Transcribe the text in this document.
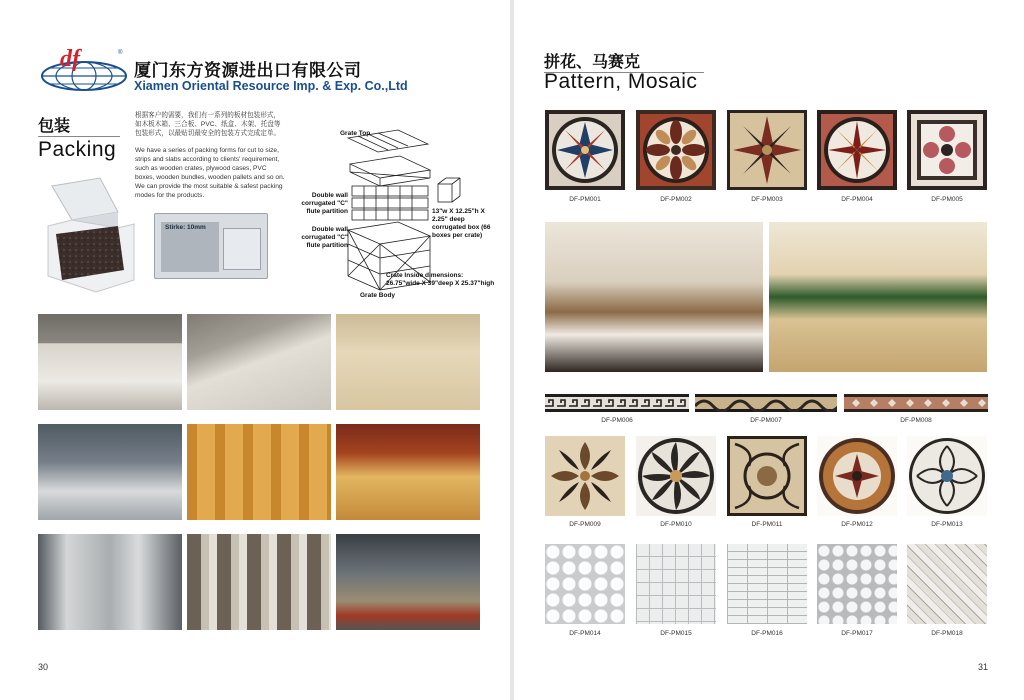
df	®
厦门东方资源进出口有限公司
Xiamen Oriental Resource Imp. & Exp. Co.,Ltd
包装
Packing
根据客户的需要，我们有一系列的板材包装形式，如木板木箱、三合板、PVC、纸盒、木架、托盘等包装形式，以最贴切最安全的包装方式完成定单。
We have a series of packing forms for cut to size, strips and slabs according to clients' requirement, such as wooden crates, plywood cases, PVC boxes, wooden bundles, wooden pallets and so on. We can provide the most suitable & safest packing modes for the products.
Stirke: 10mm
Grate Top
Double wall corrugated "C" flute partition
Double wall corrugated "C" flute partition
13"w X 12.25"h X 2.25" deep corrugated box (66 boxes per crate)
Crate Inside dimensions: 26.75"wide X 39"deep X 25.37"high
Grate Body
30
拼花、马赛克
Pattern, Mosaic
DF-PM001	DF-PM002	DF-PM003	DF-PM004	DF-PM005
DF-PM006	DF-PM007	DF-PM008
DF-PM009	DF-PM010	DF-PM011	DF-PM012	DF-PM013
DF-PM014	DF-PM015	DF-PM016	DF-PM017	DF-PM018
31
